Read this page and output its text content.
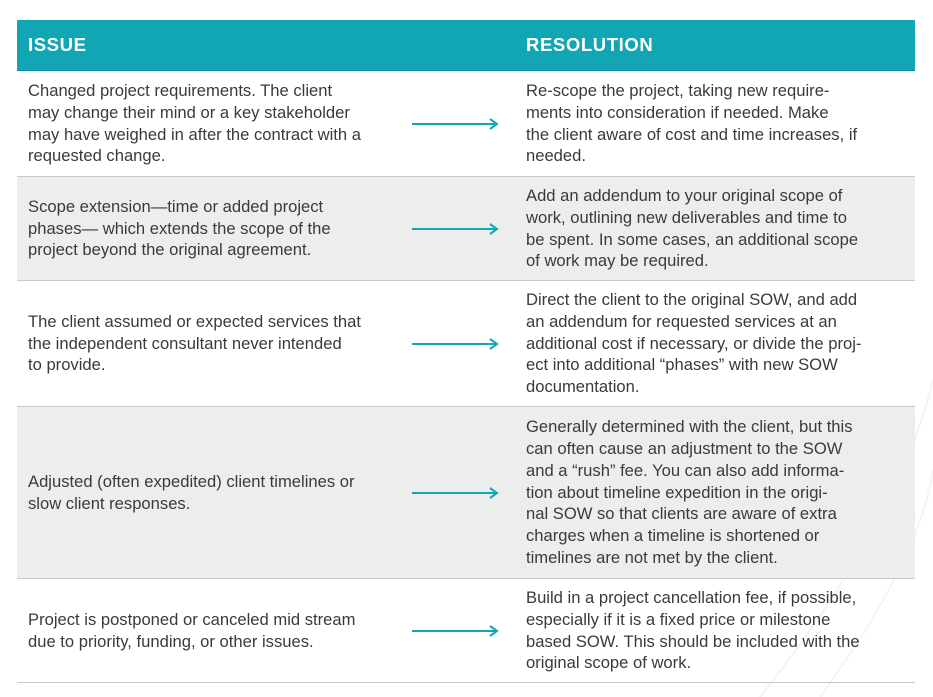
ISSUE	RESOLUTION
Changed project requirements. The client
may change their mind or a key stakeholder
may have weighed in after the contract with a
requested change.
Re-scope the project, taking new require-
ments into consideration if needed. Make
the client aware of cost and time increases, if
needed.
Scope extension—time or added project
phases— which extends the scope of the
project beyond the original agreement.
Add an addendum to your original scope of
work, outlining new deliverables and time to
be spent. In some cases, an additional scope
of work may be required.
The client assumed or expected services that
the independent consultant never intended
to provide.
Direct the client to the original SOW, and add
an addendum for requested services at an
additional cost if necessary, or divide the proj-
ect into additional “phases” with new SOW
documentation.
Adjusted (often expedited) client timelines or
slow client responses.
Generally determined with the client, but this
can often cause an adjustment to the SOW
and a “rush” fee. You can also add informa-
tion about timeline expedition in the origi-
nal SOW so that clients are aware of extra
charges when a timeline is shortened or
timelines are not met by the client.
Project is postponed or canceled mid stream
due to priority, funding, or other issues.
Build in a project cancellation fee, if possible,
especially if it is a fixed price or milestone
based SOW. This should be included with the
original scope of work.
